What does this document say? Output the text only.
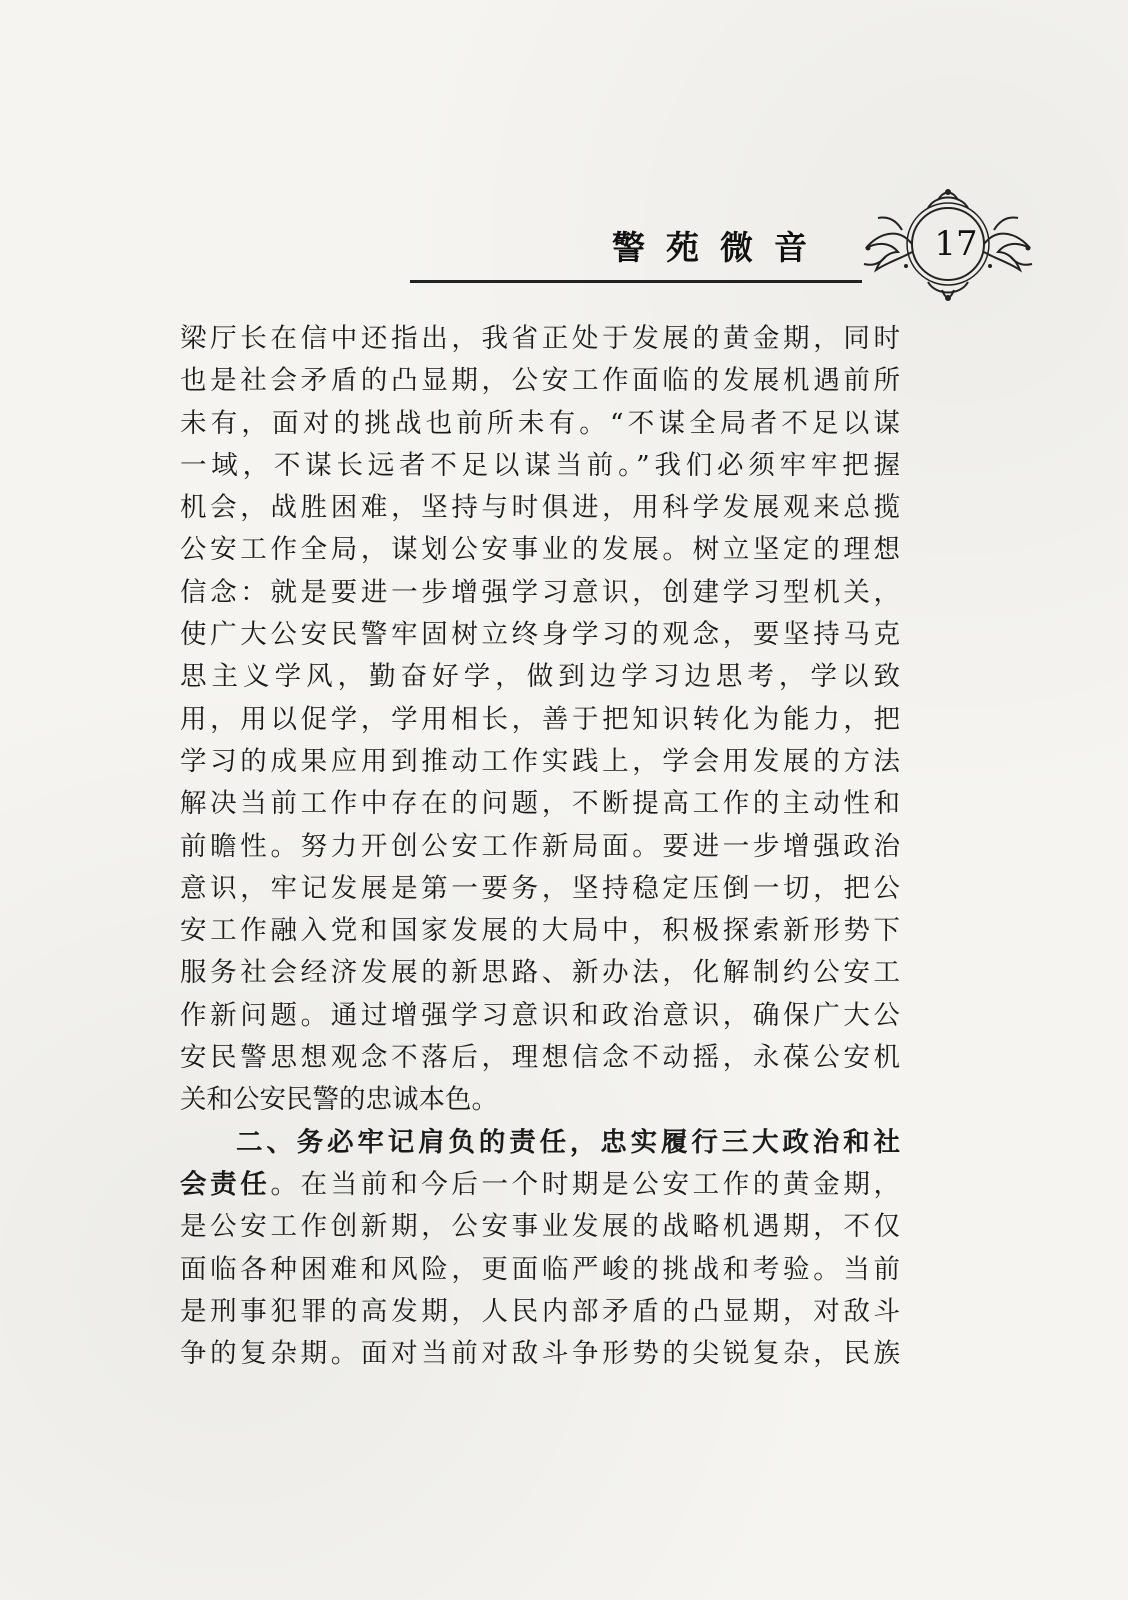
警苑微音	17
梁厅长在信中还指出，我省正处于发展的黄金期，同时
也是社会矛盾的凸显期，公安工作面临的发展机遇前所
未有，面对的挑战也前所未有。“不谋全局者不足以谋
一域，不谋长远者不足以谋当前。”我们必须牢牢把握
机会，战胜困难，坚持与时俱进，用科学发展观来总揽
公安工作全局，谋划公安事业的发展。树立坚定的理想
信念：就是要进一步增强学习意识，创建学习型机关，
使广大公安民警牢固树立终身学习的观念，要坚持马克
思主义学风，勤奋好学，做到边学习边思考，学以致
用，用以促学，学用相长，善于把知识转化为能力，把
学习的成果应用到推动工作实践上，学会用发展的方法
解决当前工作中存在的问题，不断提高工作的主动性和
前瞻性。努力开创公安工作新局面。要进一步增强政治
意识，牢记发展是第一要务，坚持稳定压倒一切，把公
安工作融入党和国家发展的大局中，积极探索新形势下
服务社会经济发展的新思路、新办法，化解制约公安工
作新问题。通过增强学习意识和政治意识，确保广大公
安民警思想观念不落后，理想信念不动摇，永葆公安机
关和公安民警的忠诚本色。
二、务必牢记肩负的责任，忠实履行三大政治和社
会责任。在当前和今后一个时期是公安工作的黄金期，
是公安工作创新期，公安事业发展的战略机遇期，不仅
面临各种困难和风险，更面临严峻的挑战和考验。当前
是刑事犯罪的高发期，人民内部矛盾的凸显期，对敌斗
争的复杂期。面对当前对敌斗争形势的尖锐复杂，民族
